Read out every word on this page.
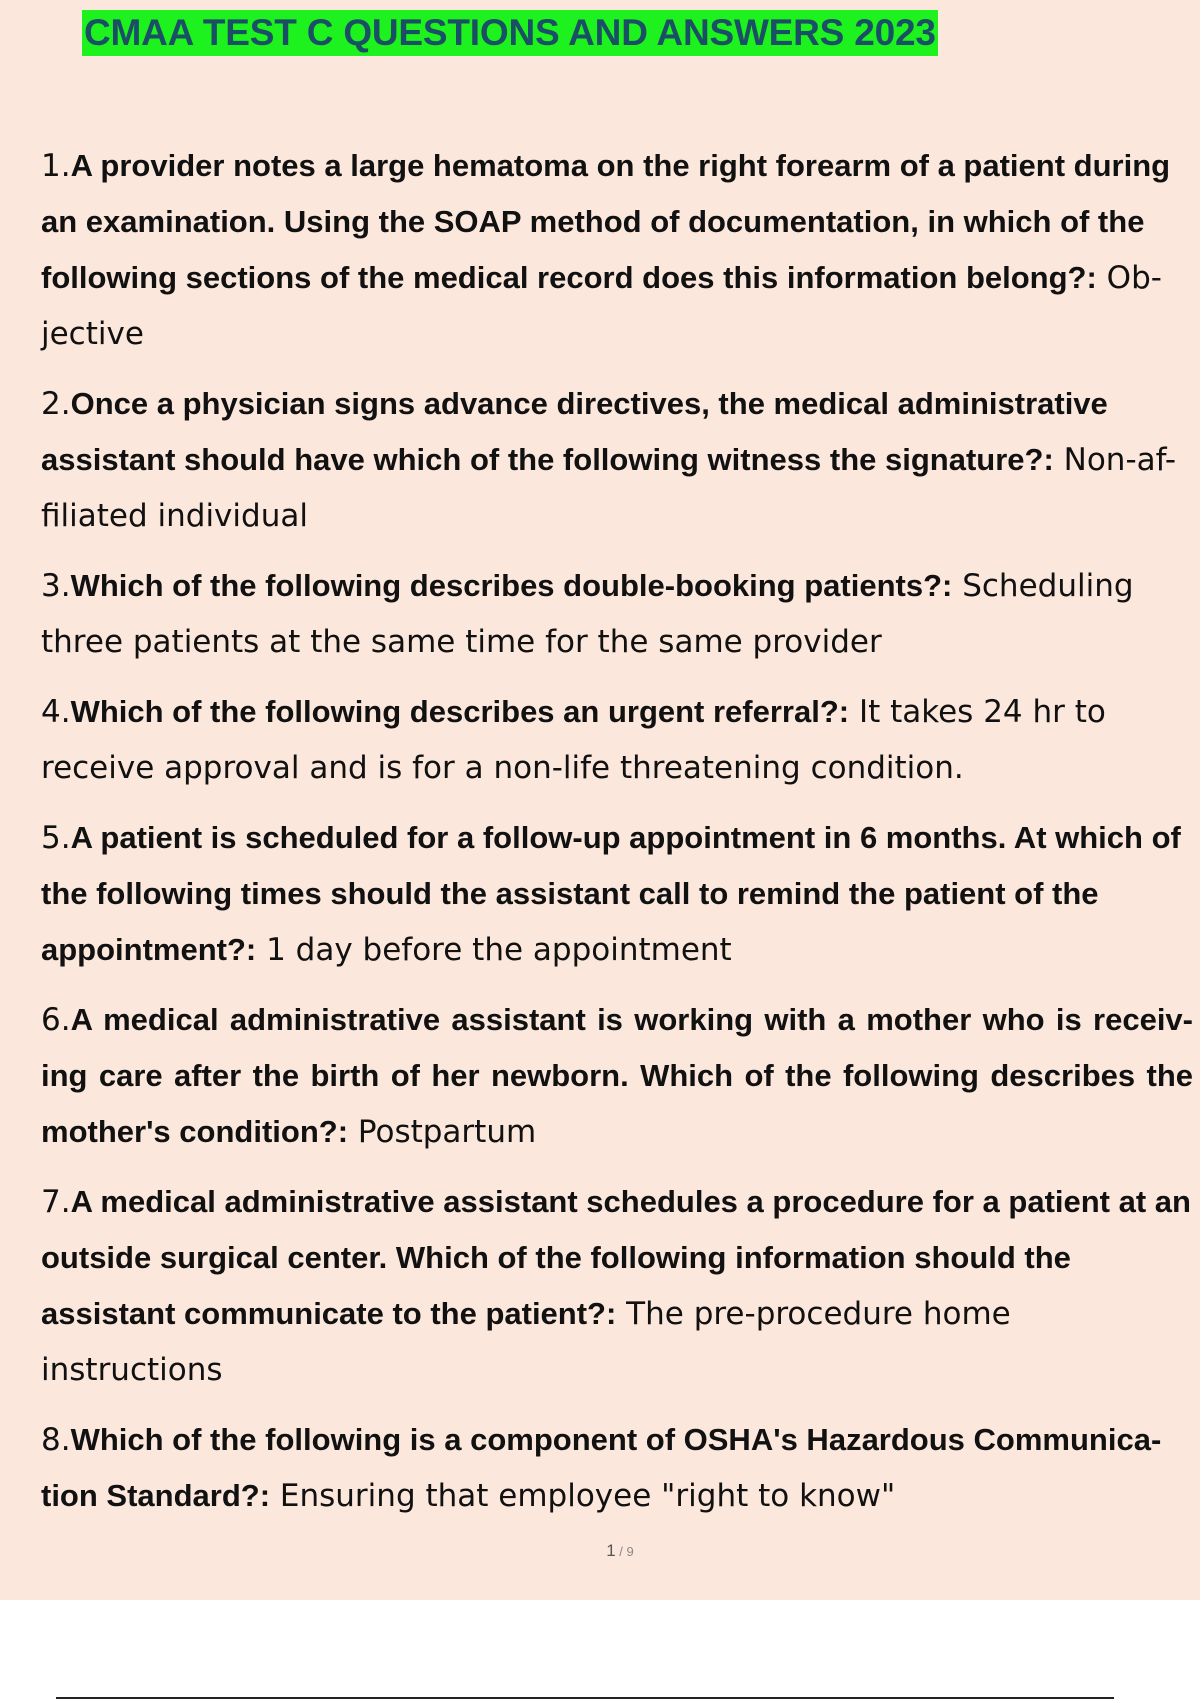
CMAA TEST C QUESTIONS AND ANSWERS 2023
1.A provider notes a large hematoma on the right forearm of a patient during an examination. Using the SOAP method of documentation, in which of the following sections of the medical record does this information belong?: Ob- jective
2.Once a physician signs advance directives, the medical administrative assistant should have which of the following witness the signature?: Non-af- filiated individual
3.Which of the following describes double-booking patients?: Scheduling three patients at the same time for the same provider
4.Which of the following describes an urgent referral?: It takes 24 hr to receive approval and is for a non-life threatening condition.
5.A patient is scheduled for a follow-up appointment in 6 months. At which of the following times should the assistant call to remind the patient of the appointment?: 1 day before the appointment
6.A medical administrative assistant is working with a mother who is receiv- ing care after the birth of her newborn. Which of the following describes the mother's condition?: Postpartum
7.A medical administrative assistant schedules a procedure for a patient at an outside surgical center. Which of the following information should the assistant communicate to the patient?: The pre-procedure home instructions
8.Which of the following is a component of OSHA's Hazardous Communica- tion Standard?: Ensuring that employee "right to know"
1 / 9
